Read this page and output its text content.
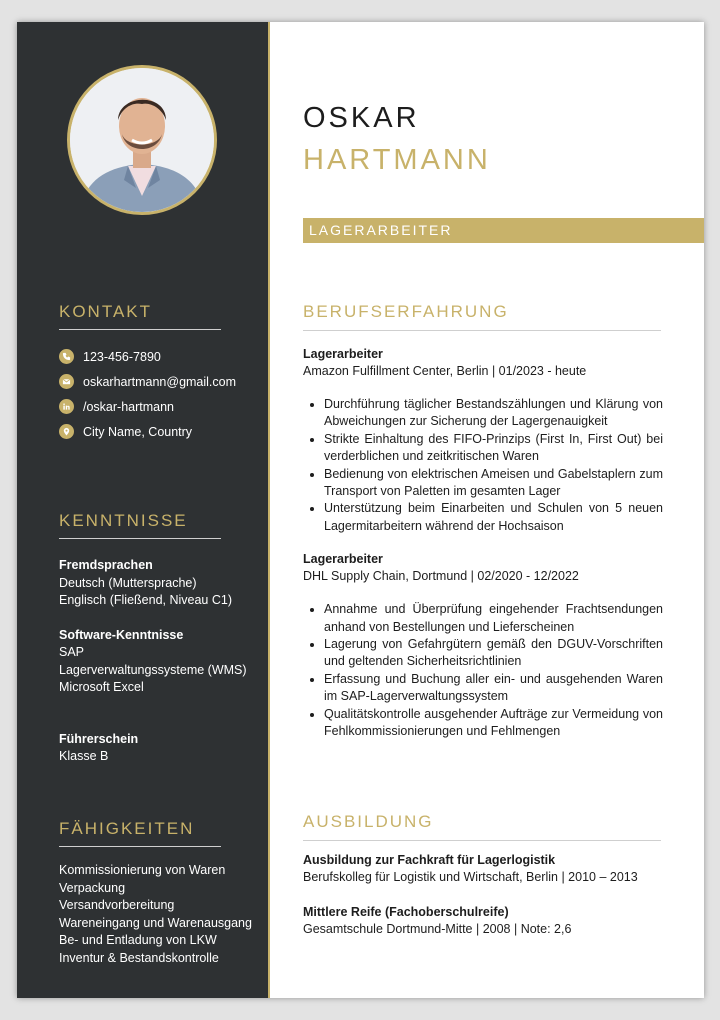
KONTAKT
123-456-7890
oskarhartmann@gmail.com
/oskar-hartmann
City Name, Country
KENNTNISSE
Fremdsprachen
Deutsch (Muttersprache)
Englisch (Fließend, Niveau C1)
Software-Kenntnisse
SAP
Lagerverwaltungssysteme (WMS)
Microsoft Excel
Führerschein
Klasse B
FÄHIGKEITEN
Kommissionierung von Waren
Verpackung
Versandvorbereitung
Wareneingang und Warenausgang
Be- und Entladung von LKW
Inventur & Bestandskontrolle
OSKAR
HARTMANN
LAGERARBEITER
BERUFSERFAHRUNG
Lagerarbeiter
Amazon Fulfillment Center, Berlin | 01/2023 - heute
• Durchführung täglicher Bestandszählungen und Klärung von Abweichungen zur Sicherung der Lagergenauigkeit
• Strikte Einhaltung des FIFO-Prinzips (First In, First Out) bei verderblichen und zeitkritischen Waren
• Bedienung von elektrischen Ameisen und Gabelstaplern zum Transport von Paletten im gesamten Lager
• Unterstützung beim Einarbeiten und Schulen von 5 neuen Lagermitarbeitern während der Hochsaison
Lagerarbeiter
DHL Supply Chain, Dortmund | 02/2020 - 12/2022
• Annahme und Überprüfung eingehender Frachtsendungen anhand von Bestellungen und Lieferscheinen
• Lagerung von Gefahrgütern gemäß den DGUV-Vorschriften und geltenden Sicherheitsrichtlinien
• Erfassung und Buchung aller ein- und ausgehenden Waren im SAP-Lagerverwaltungssystem
• Qualitätskontrolle ausgehender Aufträge zur Vermeidung von Fehlkommissionierungen und Fehlmengen
AUSBILDUNG
Ausbildung zur Fachkraft für Lagerlogistik
Berufskolleg für Logistik und Wirtschaft, Berlin | 2010 – 2013
Mittlere Reife (Fachoberschulreife)
Gesamtschule Dortmund-Mitte | 2008 | Note: 2,6
